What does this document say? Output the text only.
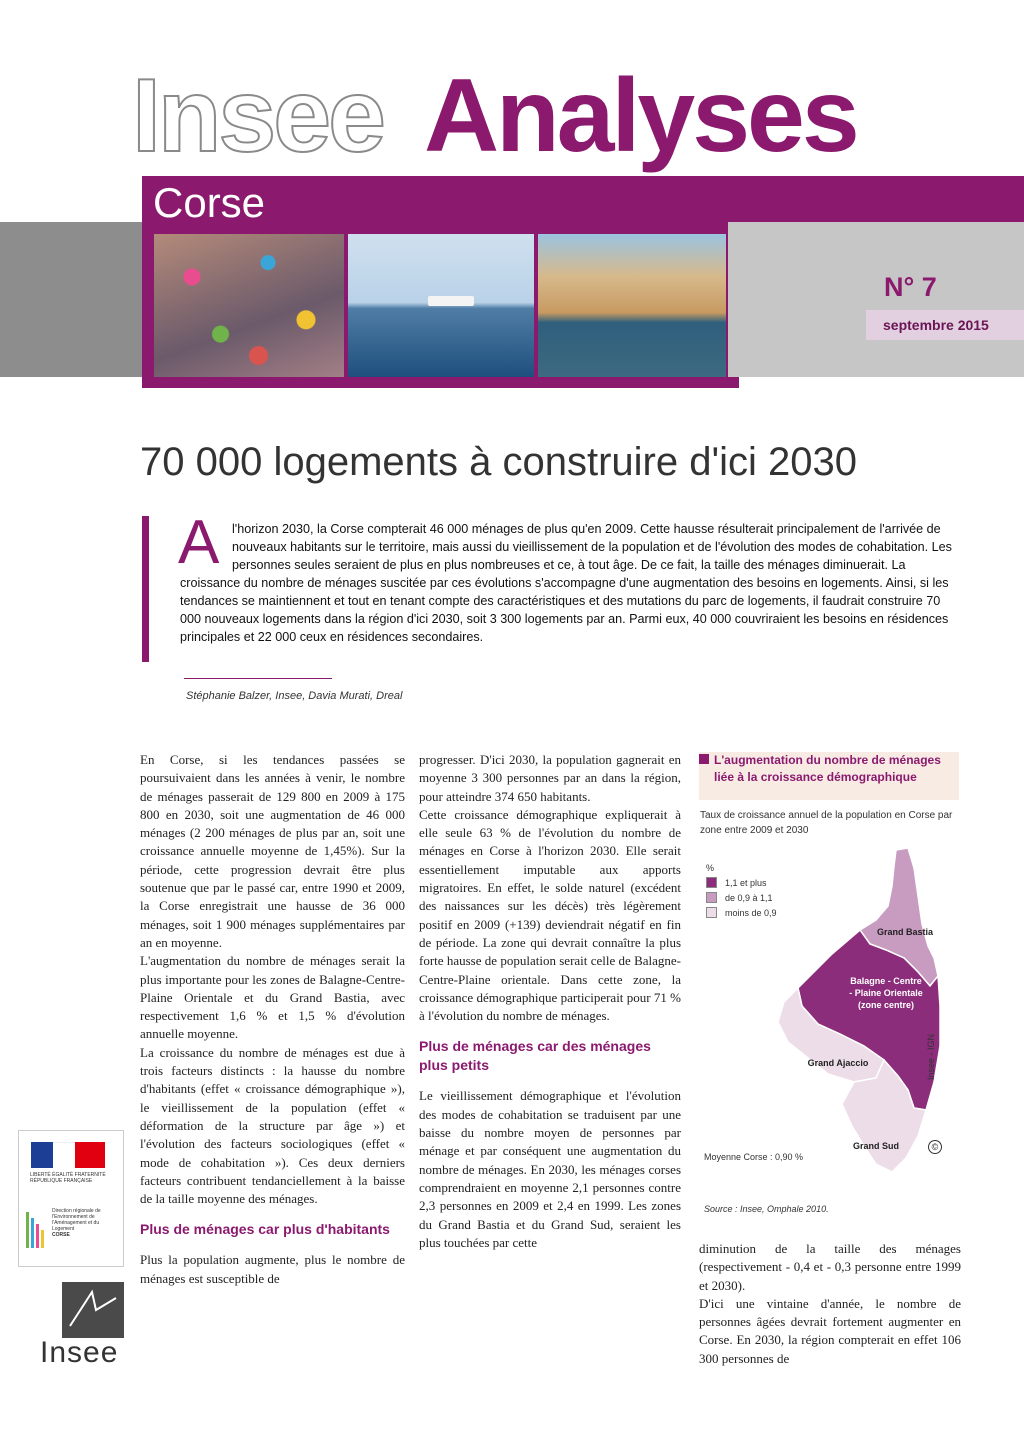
Insee Analyses
Corse
N° 7
septembre 2015
70 000 logements à construire d'ici 2030
A	l'horizon 2030, la Corse compterait 46 000 ménages de plus qu'en 2009. Cette hausse résulterait principalement de l'arrivée de nouveaux habitants sur le territoire, mais aussi du vieillissement de la population et de l'évolution des modes de cohabitation. Les personnes seules seraient de plus en plus nombreuses et ce, à tout âge. De ce fait, la taille des ménages diminuerait. La croissance du nombre de ménages suscitée par ces évolutions s'accompagne d'une augmentation des besoins en logements. Ainsi, si les tendances se maintiennent et tout en tenant compte des caractéristiques et des mutations du parc de logements, il faudrait construire 70 000 nouveaux logements dans la région d'ici 2030, soit 3 300 logements par an. Parmi eux, 40 000 couvriraient les besoins en résidences principales et 22 000 ceux en résidences secondaires.
Stéphanie Balzer, Insee, Davia Murati, Dreal

En Corse, si les tendances passées se poursuivaient dans les années à venir, le nombre de ménages passerait de 129 800 en 2009 à 175 800 en 2030, soit une augmentation de 46 000 ménages (2 200 ménages de plus par an, soit une croissance annuelle moyenne de 1,45%). Sur la période, cette progression devrait être plus soutenue que par le passé car, entre 1990 et 2009, la Corse enregistrait une hausse de 36 000 ménages, soit 1 900 ménages supplémentaires par an en moyenne.

L'augmentation du nombre de ménages serait la plus importante pour les zones de Balagne-Centre-Plaine Orientale et du Grand Bastia, avec respectivement 1,6 % et 1,5 % d'évolution annuelle moyenne.

La croissance du nombre de ménages est due à trois facteurs distincts : la hausse du nombre d'habitants (effet « croissance démographique »), le vieillissement de la population (effet « déformation de la structure par âge ») et l'évolution des facteurs sociologiques (effet « mode de cohabitation »). Ces deux derniers facteurs contribuent tendanciellement à la baisse de la taille moyenne des ménages.

Plus de ménages car plus d'habitants

Plus la population augmente, plus le nombre de ménages est susceptible de

progresser. D'ici 2030, la population gagnerait en moyenne 3 300 personnes par an dans la région, pour atteindre 374 650 habitants.

Cette croissance démographique expliquerait à elle seule 63 % de l'évolution du nombre de ménages en Corse à l'horizon 2030. Elle serait essentiellement imputable aux apports migratoires. En effet, le solde naturel (excédent des naissances sur les décès) très légèrement positif en 2009 (+139) deviendrait négatif en fin de période. La zone qui devrait connaître la plus forte hausse de population serait celle de Balagne-Centre-Plaine orientale. Dans cette zone, la croissance démographique participerait pour 71 % à l'évolution du nombre de ménages.

Plus de ménages car des ménages plus petits

Le vieillissement démographique et l'évolution des modes de cohabitation se traduisent par une baisse du nombre moyen de personnes par ménage et par conséquent une augmentation du nombre de ménages. En 2030, les ménages corses comprendraient en moyenne 2,1 personnes contre 2,3 personnes en 2009 et 2,4 en 1999. Les zones du Grand Bastia et du Grand Sud, seraient les plus touchées par cette	diminution de la taille des ménages (respectivement - 0,4 et - 0,3 personne entre 1999 et 2030).

D'ici une vintaine d'année, le nombre de personnes âgées devrait fortement augmenter en Corse. En 2030, la région compterait en effet 106 300 personnes de

L'augmentation du nombre de ménages liée à la croissance démographique
Taux de croissance annuel de la population en Corse par zone entre 2009 et 2030
%
1,1 et plus
de 0,9 à 1,1
moins de 0,9
Grand Bastia
Balagne - Centre - Plaine Orientale (zone centre)
Grand Ajaccio
Grand Sud
Moyenne Corse : 0,90 %
Insee - IGN
©
Source : Insee, Omphale 2010.
LIBERTÉ ÉGALITÉ FRATERNITÉ RÉPUBLIQUE FRANÇAISE
Direction régionale de l'Environnement de l'Aménagement et du Logement
CORSE
Insee
